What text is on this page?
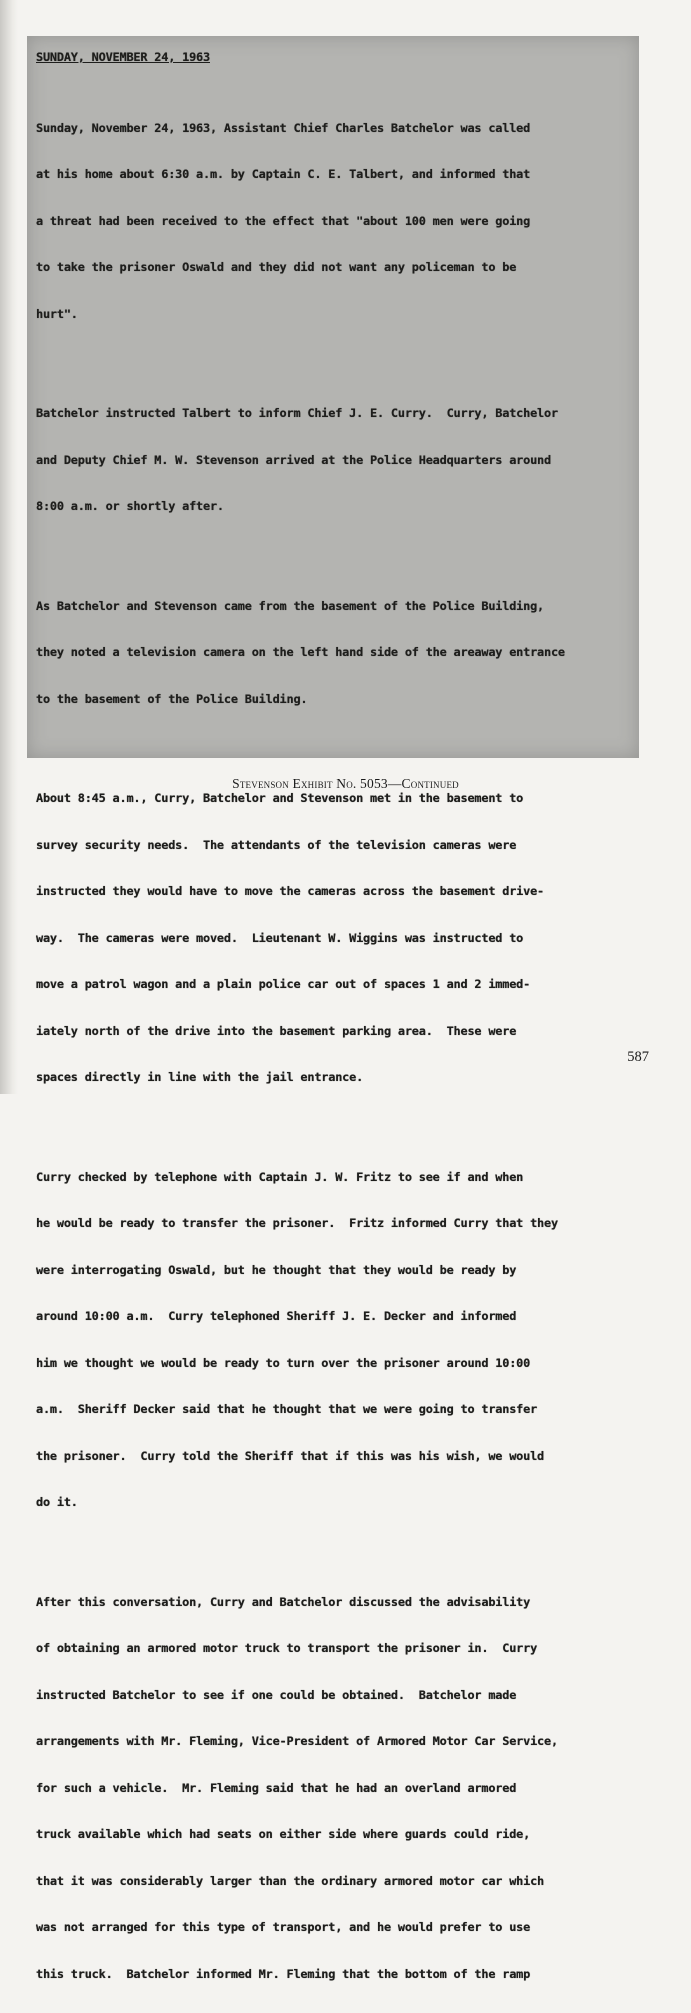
SUNDAY, NOVEMBER 24, 1963

Sunday, November 24, 1963, Assistant Chief Charles Batchelor was called

at his home about 6:30 a.m. by Captain C. E. Talbert, and informed that

a threat had been received to the effect that "about 100 men were going

to take the prisoner Oswald and they did not want any policeman to be

hurt".

Batchelor instructed Talbert to inform Chief J. E. Curry.  Curry, Batchelor

and Deputy Chief M. W. Stevenson arrived at the Police Headquarters around

8:00 a.m. or shortly after.

As Batchelor and Stevenson came from the basement of the Police Building,

they noted a television camera on the left hand side of the areaway entrance

to the basement of the Police Building.

About 8:45 a.m., Curry, Batchelor and Stevenson met in the basement to

survey security needs.  The attendants of the television cameras were

instructed they would have to move the cameras across the basement drive-

way.  The cameras were moved.  Lieutenant W. Wiggins was instructed to

move a patrol wagon and a plain police car out of spaces 1 and 2 immed-

iately north of the drive into the basement parking area.  These were

spaces directly in line with the jail entrance.

Curry checked by telephone with Captain J. W. Fritz to see if and when

he would be ready to transfer the prisoner.  Fritz informed Curry that they

were interrogating Oswald, but he thought that they would be ready by

around 10:00 a.m.  Curry telephoned Sheriff J. E. Decker and informed

him we thought we would be ready to turn over the prisoner around 10:00

a.m.  Sheriff Decker said that he thought that we were going to transfer

the prisoner.  Curry told the Sheriff that if this was his wish, we would

do it.

After this conversation, Curry and Batchelor discussed the advisability

of obtaining an armored motor truck to transport the prisoner in.  Curry

instructed Batchelor to see if one could be obtained.  Batchelor made

arrangements with Mr. Fleming, Vice-President of Armored Motor Car Service,

for such a vehicle.  Mr. Fleming said that he had an overland armored

truck available which had seats on either side where guards could ride,

that it was considerably larger than the ordinary armored motor car which

was not arranged for this type of transport, and he would prefer to use

this truck.  Batchelor informed Mr. Fleming that the bottom of the ramp

Stevenson Exhibit No. 5053—Continued
587
